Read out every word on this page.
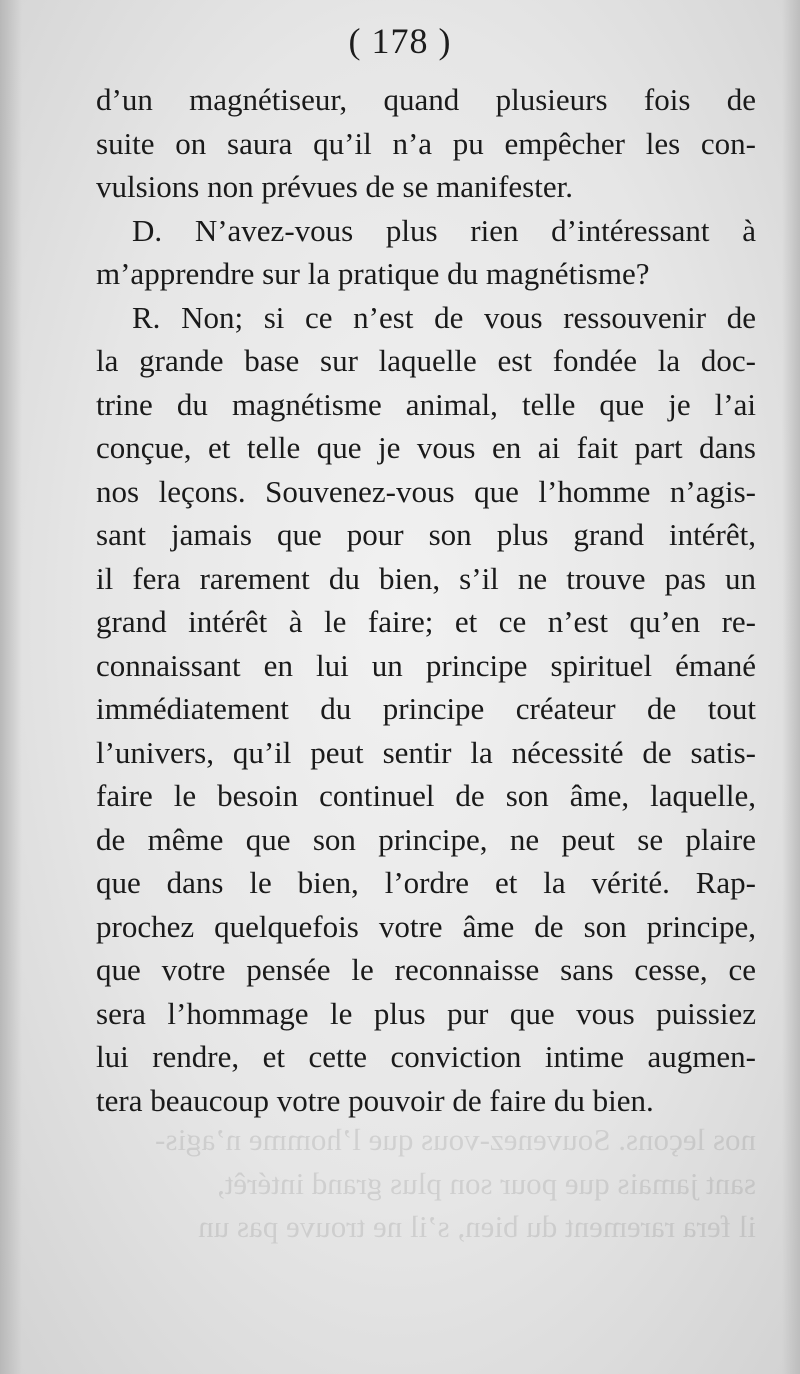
( 178 )
d’un magnétiseur, quand plusieurs fois de
suite on saura qu’il n’a pu empêcher les con-
vulsions non prévues de se manifester.
D. N’avez-vous plus rien d’intéressant à
m’apprendre sur la pratique du magnétisme?
R. Non; si ce n’est de vous ressouvenir de
la grande base sur laquelle est fondée la doc-
trine du magnétisme animal, telle que je l’ai
conçue, et telle que je vous en ai fait part dans
nos leçons. Souvenez-vous que l’homme n’agis-
sant jamais que pour son plus grand intérêt,
il fera rarement du bien, s’il ne trouve pas un
grand intérêt à le faire; et ce n’est qu’en re-
connaissant en lui un principe spirituel émané
immédiatement du principe créateur de tout
l’univers, qu’il peut sentir la nécessité de satis-
faire le besoin continuel de son âme, laquelle,
de même que son principe, ne peut se plaire
que dans le bien, l’ordre et la vérité. Rap-
prochez quelquefois votre âme de son principe,
que votre pensée le reconnaisse sans cesse, ce
sera l’hommage le plus pur que vous puissiez
lui rendre, et cette conviction intime augmen-
tera beaucoup votre pouvoir de faire du bien.
nos leçons. Souvenez-vous que l’homme n’agis-
sant jamais que pour son plus grand intérêt,
il fera rarement du bien, s’il ne trouve pas un
